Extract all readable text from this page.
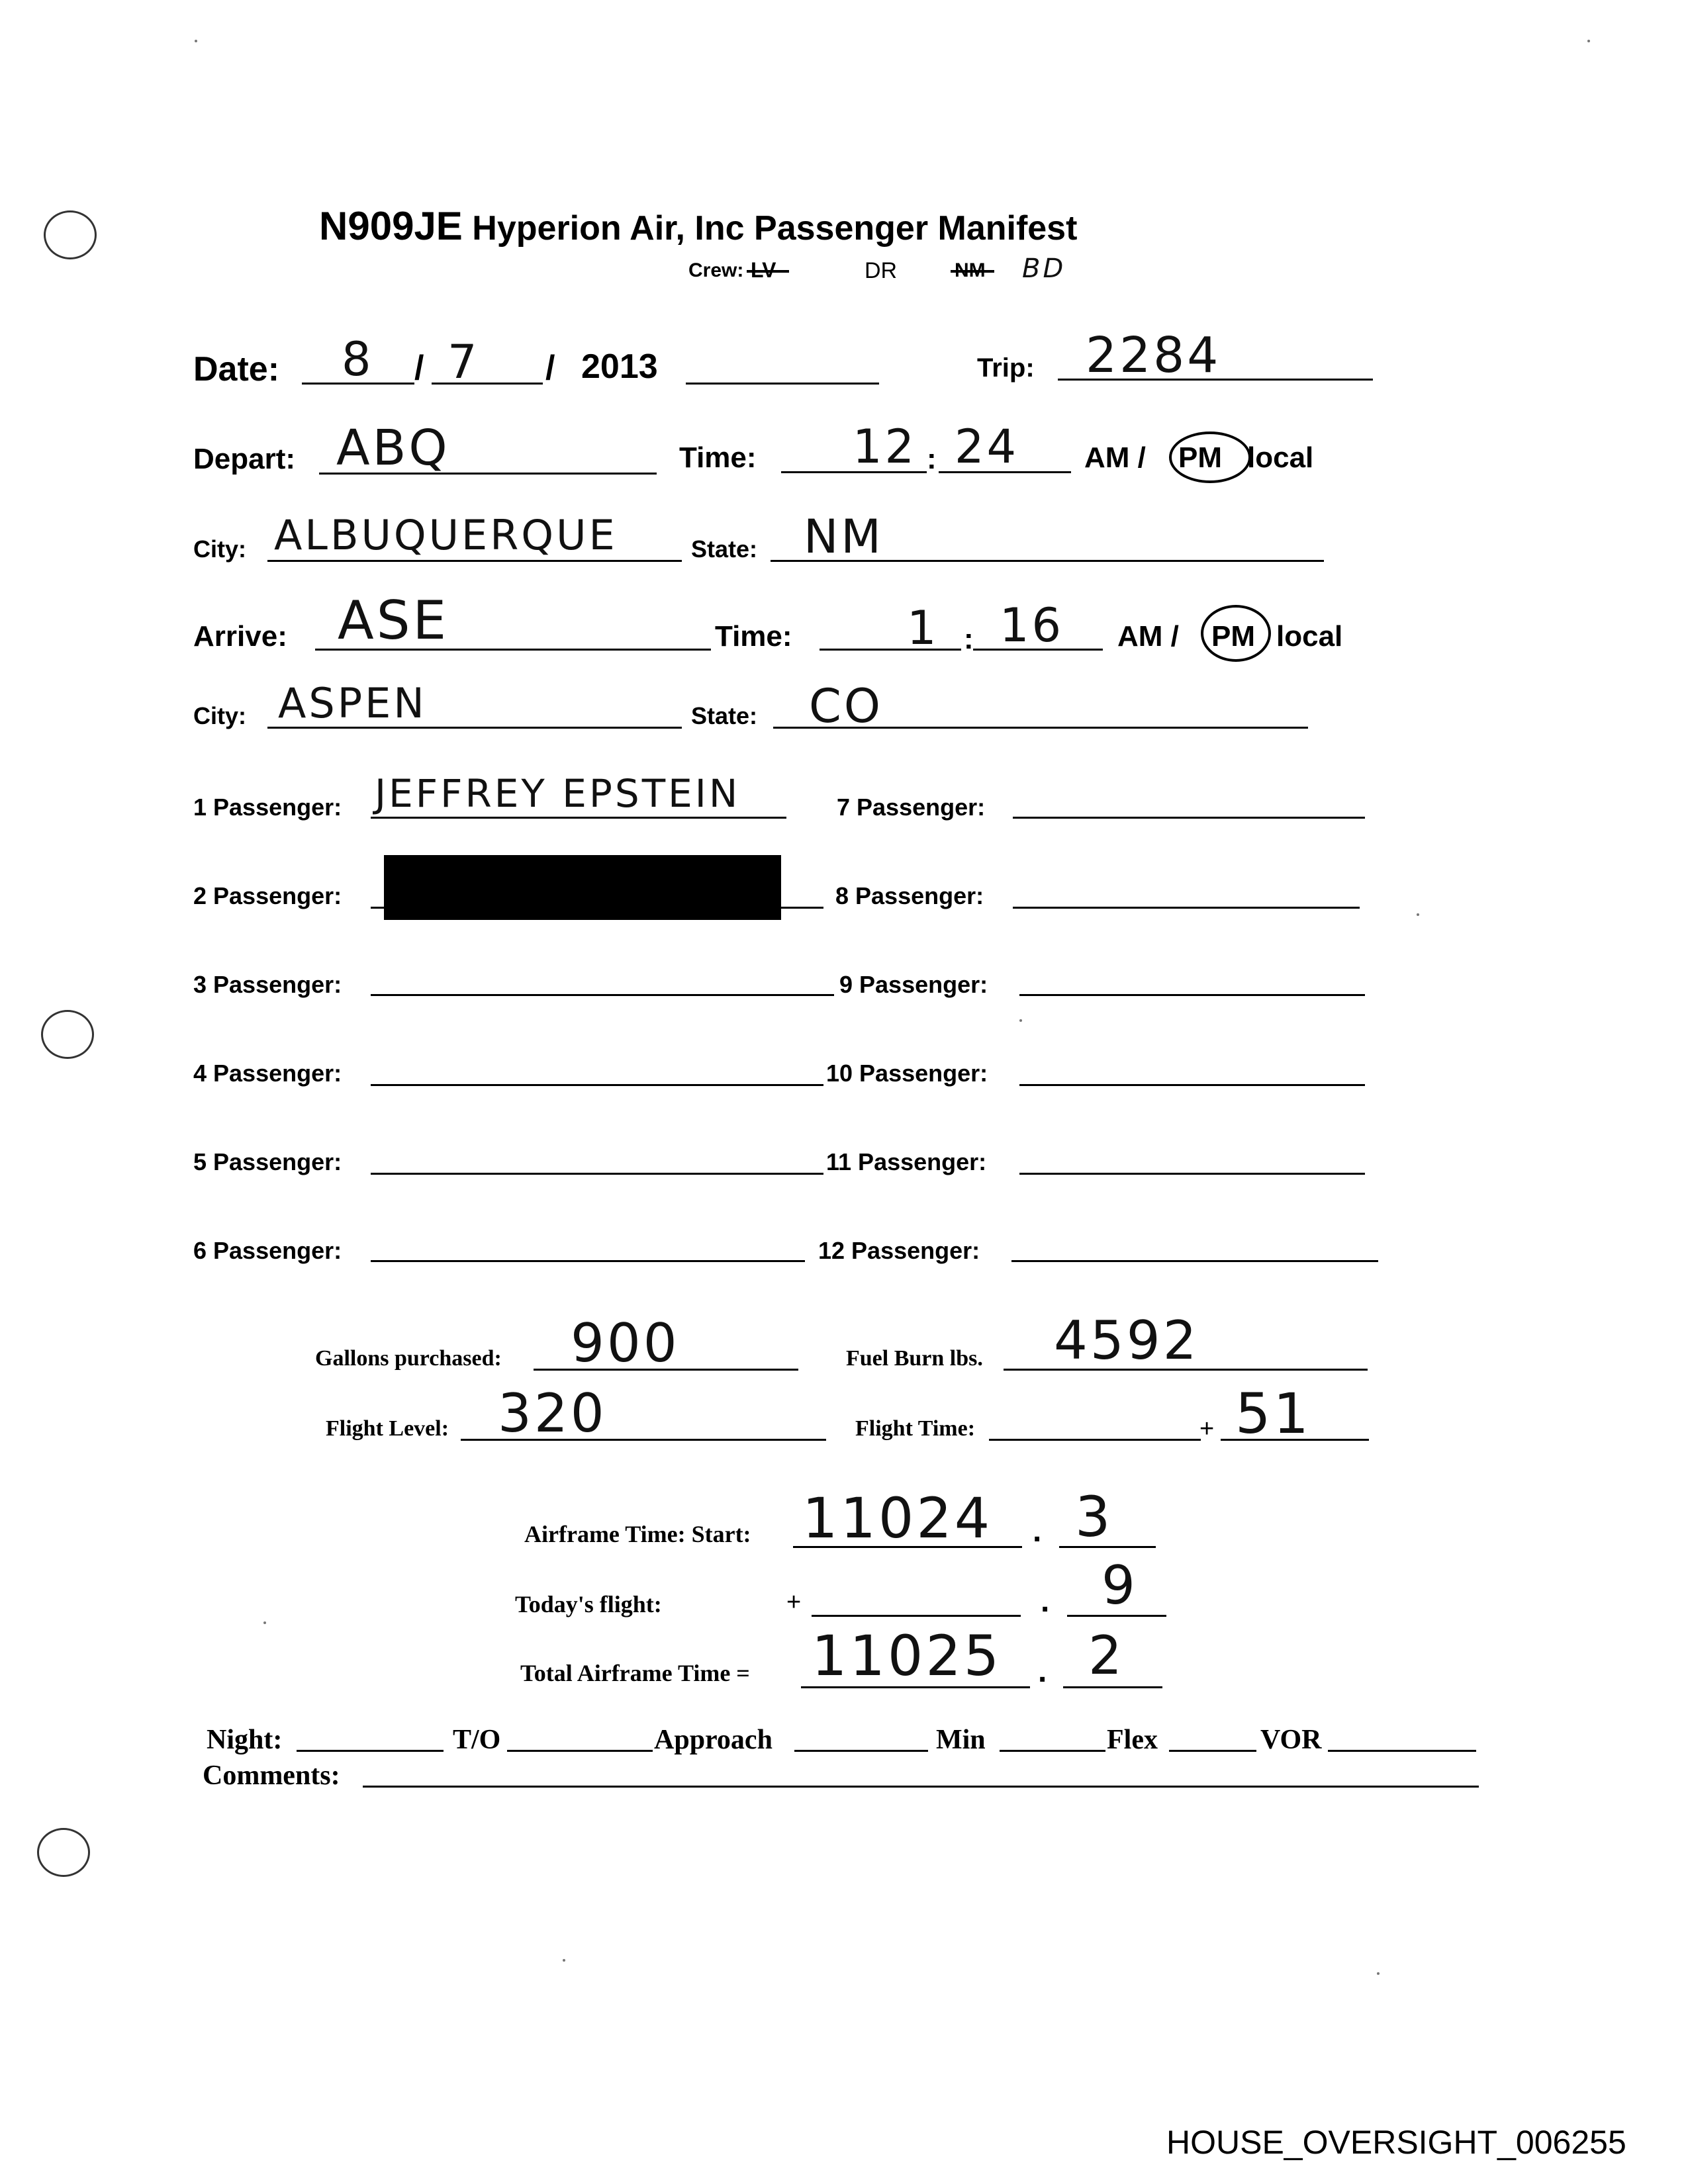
N909JE Hyperion Air, Inc Passenger Manifest
Crew: LV	DR	NM BD
Date: 8 / 7 / 2013	Trip: 2284
Depart: ABQ	Time: 12 : 24 AM / PM local
City: ALBUQUERQUE	State: NM
Arrive: ASE	Time: 1 : 16 AM / PM local
City: ASPEN	State: CO
1 Passenger: JEFFREY EPSTEIN
2 Passenger:
3 Passenger:
4 Passenger:
5 Passenger:
6 Passenger:
7 Passenger:
8 Passenger:
9 Passenger:
10 Passenger:
11 Passenger:
12 Passenger:
Gallons purchased: 900	Fuel Burn lbs. 4592
Flight Level: 320	Flight Time:	+ 51
Airframe Time: Start: 11024 . 3
Today's flight:	+	. 9
Total Airframe Time = 11025 . 2
Night:	T/O	Approach	Min	Flex	VOR
Comments:
HOUSE_OVERSIGHT_006255
